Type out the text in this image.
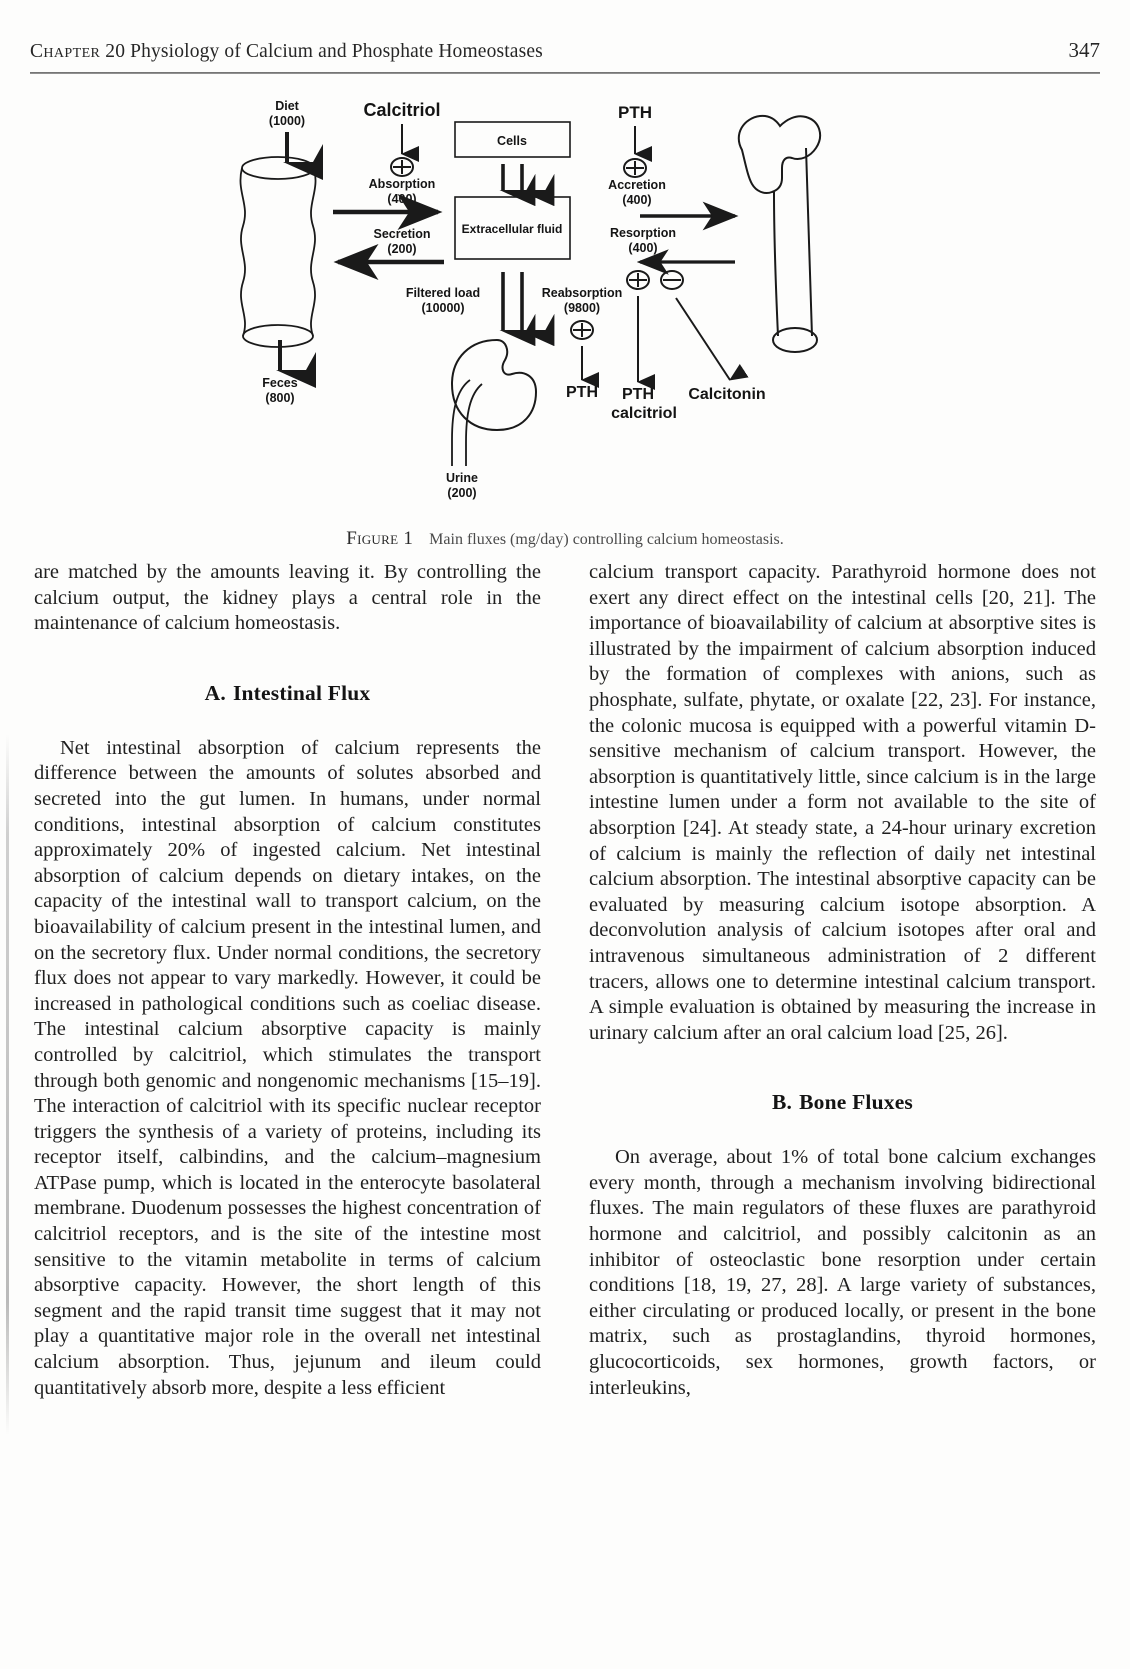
Chapter 20 Physiology of Calcium and Phosphate Homeostases	347
Diet
(1000)
Feces
(800)
Calcitriol
Absorption
(400)
Secretion
(200)
Cells
Extracellular fluid
Filtered load
(10000)
Reabsorption
(9800)
PTH
Urine
(200)
PTH
Accretion
(400)
Resorption
(400)
PTH
calcitriol
Calcitonin
Figure 1 Main fluxes (mg/day) controlling calcium homeostasis.

are matched by the amounts leaving it. By controlling the calcium output, the kidney plays a central role in the maintenance of calcium homeostasis.

A. Intestinal Flux

Net intestinal absorption of calcium represents the difference between the amounts of solutes absorbed and secreted into the gut lumen. In humans, under normal conditions, intestinal absorption of calcium constitutes approximately 20% of ingested calcium. Net intestinal absorption of calcium depends on dietary intakes, on the capacity of the intestinal wall to transport calcium, on the bioavailability of calcium present in the intestinal lumen, and on the secretory flux. Under normal conditions, the secretory flux does not appear to vary markedly. However, it could be increased in pathological conditions such as coeliac disease. The intestinal calcium absorptive capacity is mainly controlled by calcitriol, which stimulates the transport through both genomic and nongenomic mechanisms [15–19]. The interaction of calcitriol with its specific nuclear receptor triggers the synthesis of a variety of proteins, including its receptor itself, calbindins, and the calcium–magnesium ATPase pump, which is located in the enterocyte basolateral membrane. Duodenum possesses the highest concentration of calcitriol receptors, and is the site of the intestine most sensitive to the vitamin metabolite in terms of calcium absorptive capacity. However, the short length of this segment and the rapid transit time suggest that it may not play a quantitative major role in the overall net intestinal calcium absorption. Thus, jejunum and ileum could quantitatively absorb more, despite a less efficient

calcium transport capacity. Parathyroid hormone does not exert any direct effect on the intestinal cells [20, 21]. The importance of bioavailability of calcium at absorptive sites is illustrated by the impairment of calcium absorption induced by the formation of complexes with anions, such as phosphate, sulfate, phytate, or oxalate [22, 23]. For instance, the colonic mucosa is equipped with a powerful vitamin D-sensitive mechanism of calcium transport. However, the absorption is quantitatively little, since calcium is in the large intestine lumen under a form not available to the site of absorption [24]. At steady state, a 24-hour urinary excretion of calcium is mainly the reflection of daily net intestinal calcium absorption. The intestinal absorptive capacity can be evaluated by measuring calcium isotope absorption. A deconvolution analysis of calcium isotopes after oral and intravenous simultaneous administration of 2 different tracers, allows one to determine intestinal calcium transport. A simple evaluation is obtained by measuring the increase in urinary calcium after an oral calcium load [25, 26].

B. Bone Fluxes

On average, about 1% of total bone calcium exchanges every month, through a mechanism involving bidirectional fluxes. The main regulators of these fluxes are parathyroid hormone and calcitriol, and possibly calcitonin as an inhibitor of osteoclastic bone resorption under certain conditions [18, 19, 27, 28]. A large variety of substances, either circulating or produced locally, or present in the bone matrix, such as prostaglandins, thyroid hormones, glucocorticoids, sex hormones, growth factors, or interleukins,
